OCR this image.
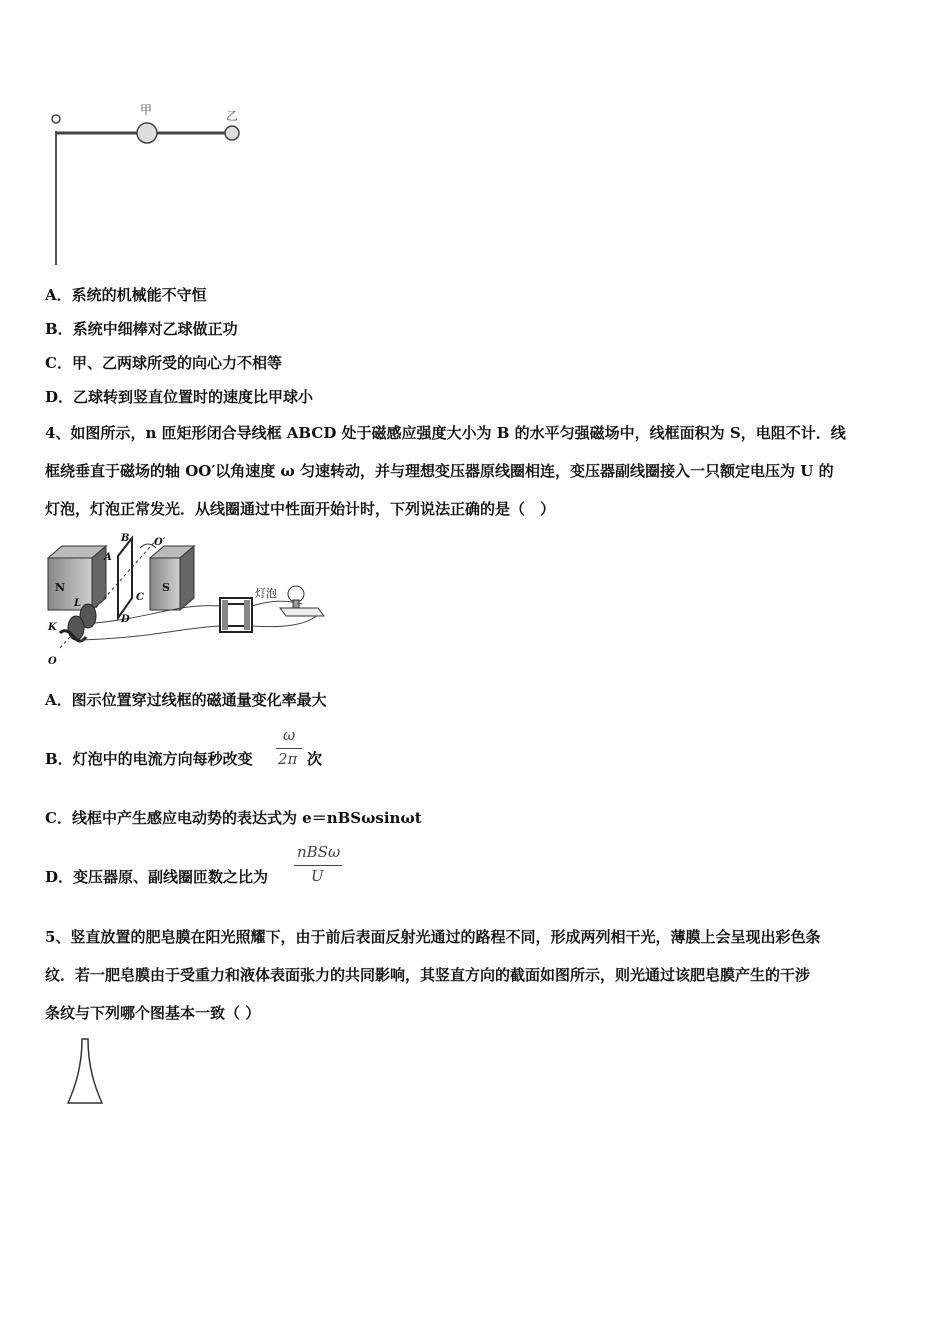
甲	乙
A．系统的机械能不守恒
B．系统中细棒对乙球做正功
C．甲、乙两球所受的向心力不相等
D．乙球转到竖直位置时的速度比甲球小
4、如图所示，n 匝矩形闭合导线框 ABCD 处于磁感应强度大小为 B 的水平匀强磁场中，线框面积为 S，电阻不计．线
框绕垂直于磁场的轴 OO′以角速度 ω 匀速转动，并与理想变压器原线圈相连，变压器副线圈接入一只额定电压为 U 的
灯泡，灯泡正常发光．从线圈通过中性面开始计时，下列说法正确的是（　）
N	S
A
B
C
D
O′
L
K
O
灯泡
A．图示位置穿过线框的磁通量变化率最大
B．灯泡中的电流方向每秒改变
ω
2π 次
C．线框中产生感应电动势的表达式为 e＝nBSωsinωt
D．变压器原、副线圈匝数之比为
nBSω
U
5、竖直放置的肥皂膜在阳光照耀下，由于前后表面反射光通过的路程不同，形成两列相干光，薄膜上会呈现出彩色条
纹．若一肥皂膜由于受重力和液体表面张力的共同影响，其竖直方向的截面如图所示，则光通过该肥皂膜产生的干涉
条纹与下列哪个图基本一致（ ）
